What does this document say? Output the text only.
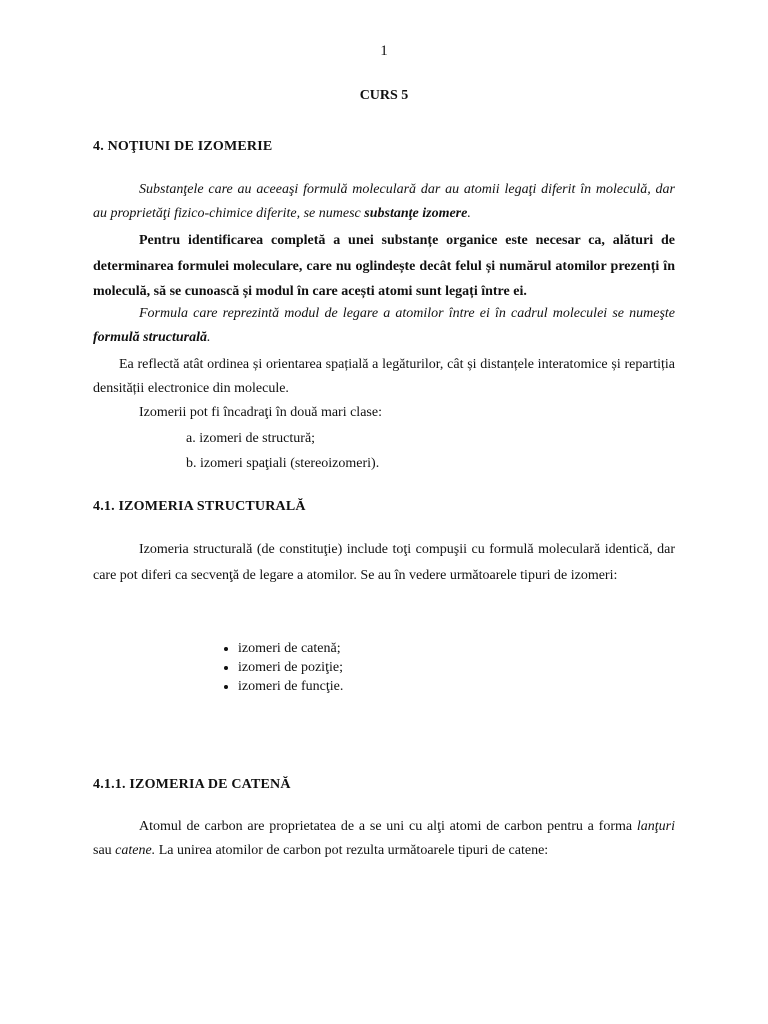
1
CURS 5
4. NOŢIUNI DE IZOMERIE
Substanţele care au aceeaşi formulă moleculară dar au atomii legaţi diferit în moleculă, dar au proprietăţi fizico-chimice diferite, se numesc substanţe izomere.
Pentru identificarea completă a unei substanțe organice este necesar ca, alături de determinarea formulei moleculare, care nu oglindește decât felul și numărul atomilor prezenți în moleculă, să se cunoască și modul în care acești atomi sunt legați între ei.
Formula care reprezintă modul de legare a atomilor între ei în cadrul moleculei se numeşte formulă structurală.
Ea reflectă atât ordinea și orientarea spațială a legăturilor, cât și distanțele interatomice și repartiția densității electronice din molecule.
Izomerii pot fi încadraţi în două mari clase:
a. izomeri de structură;
b. izomeri spaţiali (stereoizomeri).
4.1. IZOMERIA STRUCTURALĂ
Izomeria structurală (de constituţie) include toţi compuşii cu formulă moleculară identică, dar care pot diferi ca secvenţă de legare a atomilor. Se au în vedere următoarele tipuri de izomeri:
• izomeri de catenă;
• izomeri de poziţie;
• izomeri de funcţie.
4.1.1. IZOMERIA DE CATENĂ
Atomul de carbon are proprietatea de a se uni cu alţi atomi de carbon pentru a forma lanţuri sau catene. La unirea atomilor de carbon pot rezulta următoarele tipuri de catene:
